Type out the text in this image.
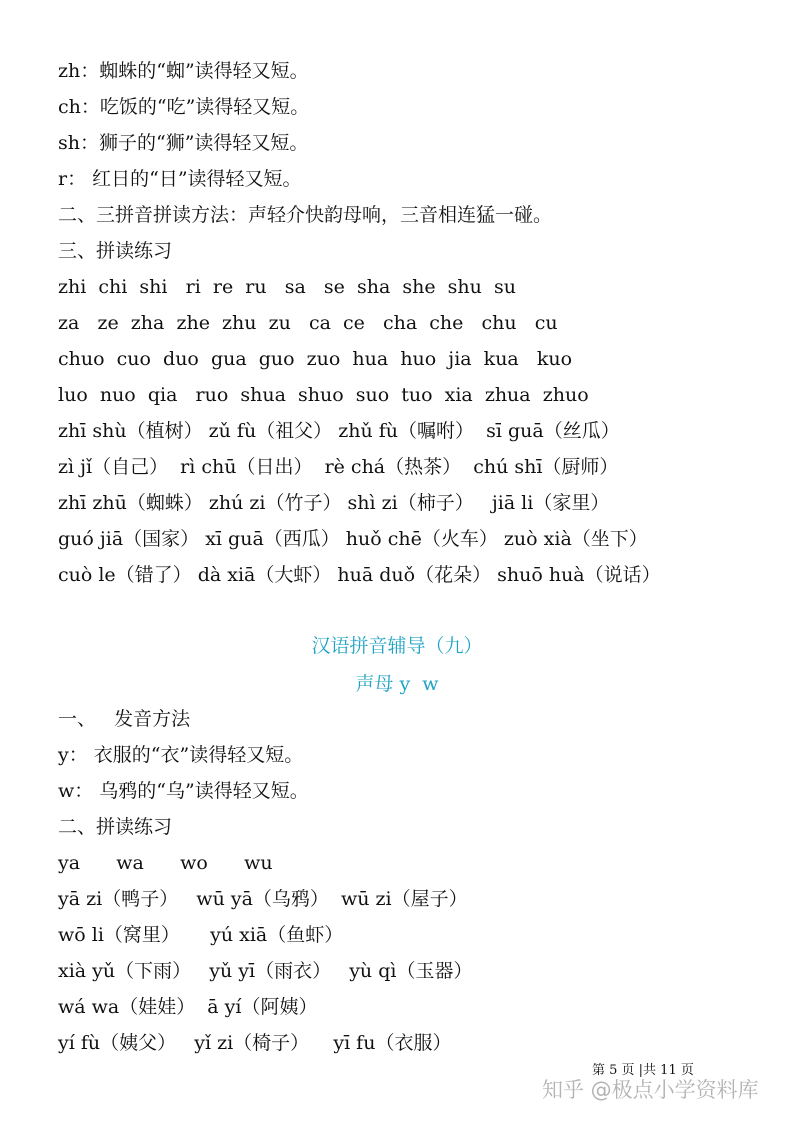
zh：蜘蛛的“蜘”读得轻又短。
ch：吃饭的“吃”读得轻又短。
sh：狮子的“狮”读得轻又短。
r： 红日的“日”读得轻又短。
二、三拼音拼读方法：声轻介快韵母响，三音相连猛一碰。
三、拼读练习
zhi  chi  shi   ri  re  ru   sa   se  sha  she  shu  su
za   ze  zha  zhe  zhu  zu   ca  ce   cha  che   chu   cu
chuo  cuo  duo  gua  guo  zuo  hua  huo  jia  kua   kuo
luo  nuo  qia   ruo  shua  shuo  suo  tuo  xia  zhua  zhuo
zhī shù（植树） zǔ fù（祖父） zhǔ fù（嘱咐）  sī guā（丝瓜）
zì jǐ（自己）  rì chū（日出）  rè chá（热茶）  chú shī（厨师）
zhī zhū（蜘蛛） zhú zi（竹子） shì zi（柿子）   jiā li（家里）
guó jiā（国家） xī guā（西瓜） huǒ chē（火车） zuò xià（坐下）
cuò le（错了） dà xiā（大虾） huā duǒ（花朵） shuō huà（说话）
汉语拼音辅导（九）
声母 y  w
一、   发音方法
y： 衣服的“衣”读得轻又短。
w： 乌鸦的“乌”读得轻又短。
二、拼读练习
ya      wa      wo      wu
yā zi（鸭子）   wū yā（乌鸦）  wū zi（屋子）
wō li（窝里）     yú xiā（鱼虾）
xià yǔ（下雨）   yǔ yī（雨衣）   yù qì（玉器）
wá wa（娃娃）  ā yí（阿姨）
yí fù（姨父）   yǐ zi（椅子）    yī fu（衣服）
第 5 页 |共 11 页
知乎 @极点小学资料库
